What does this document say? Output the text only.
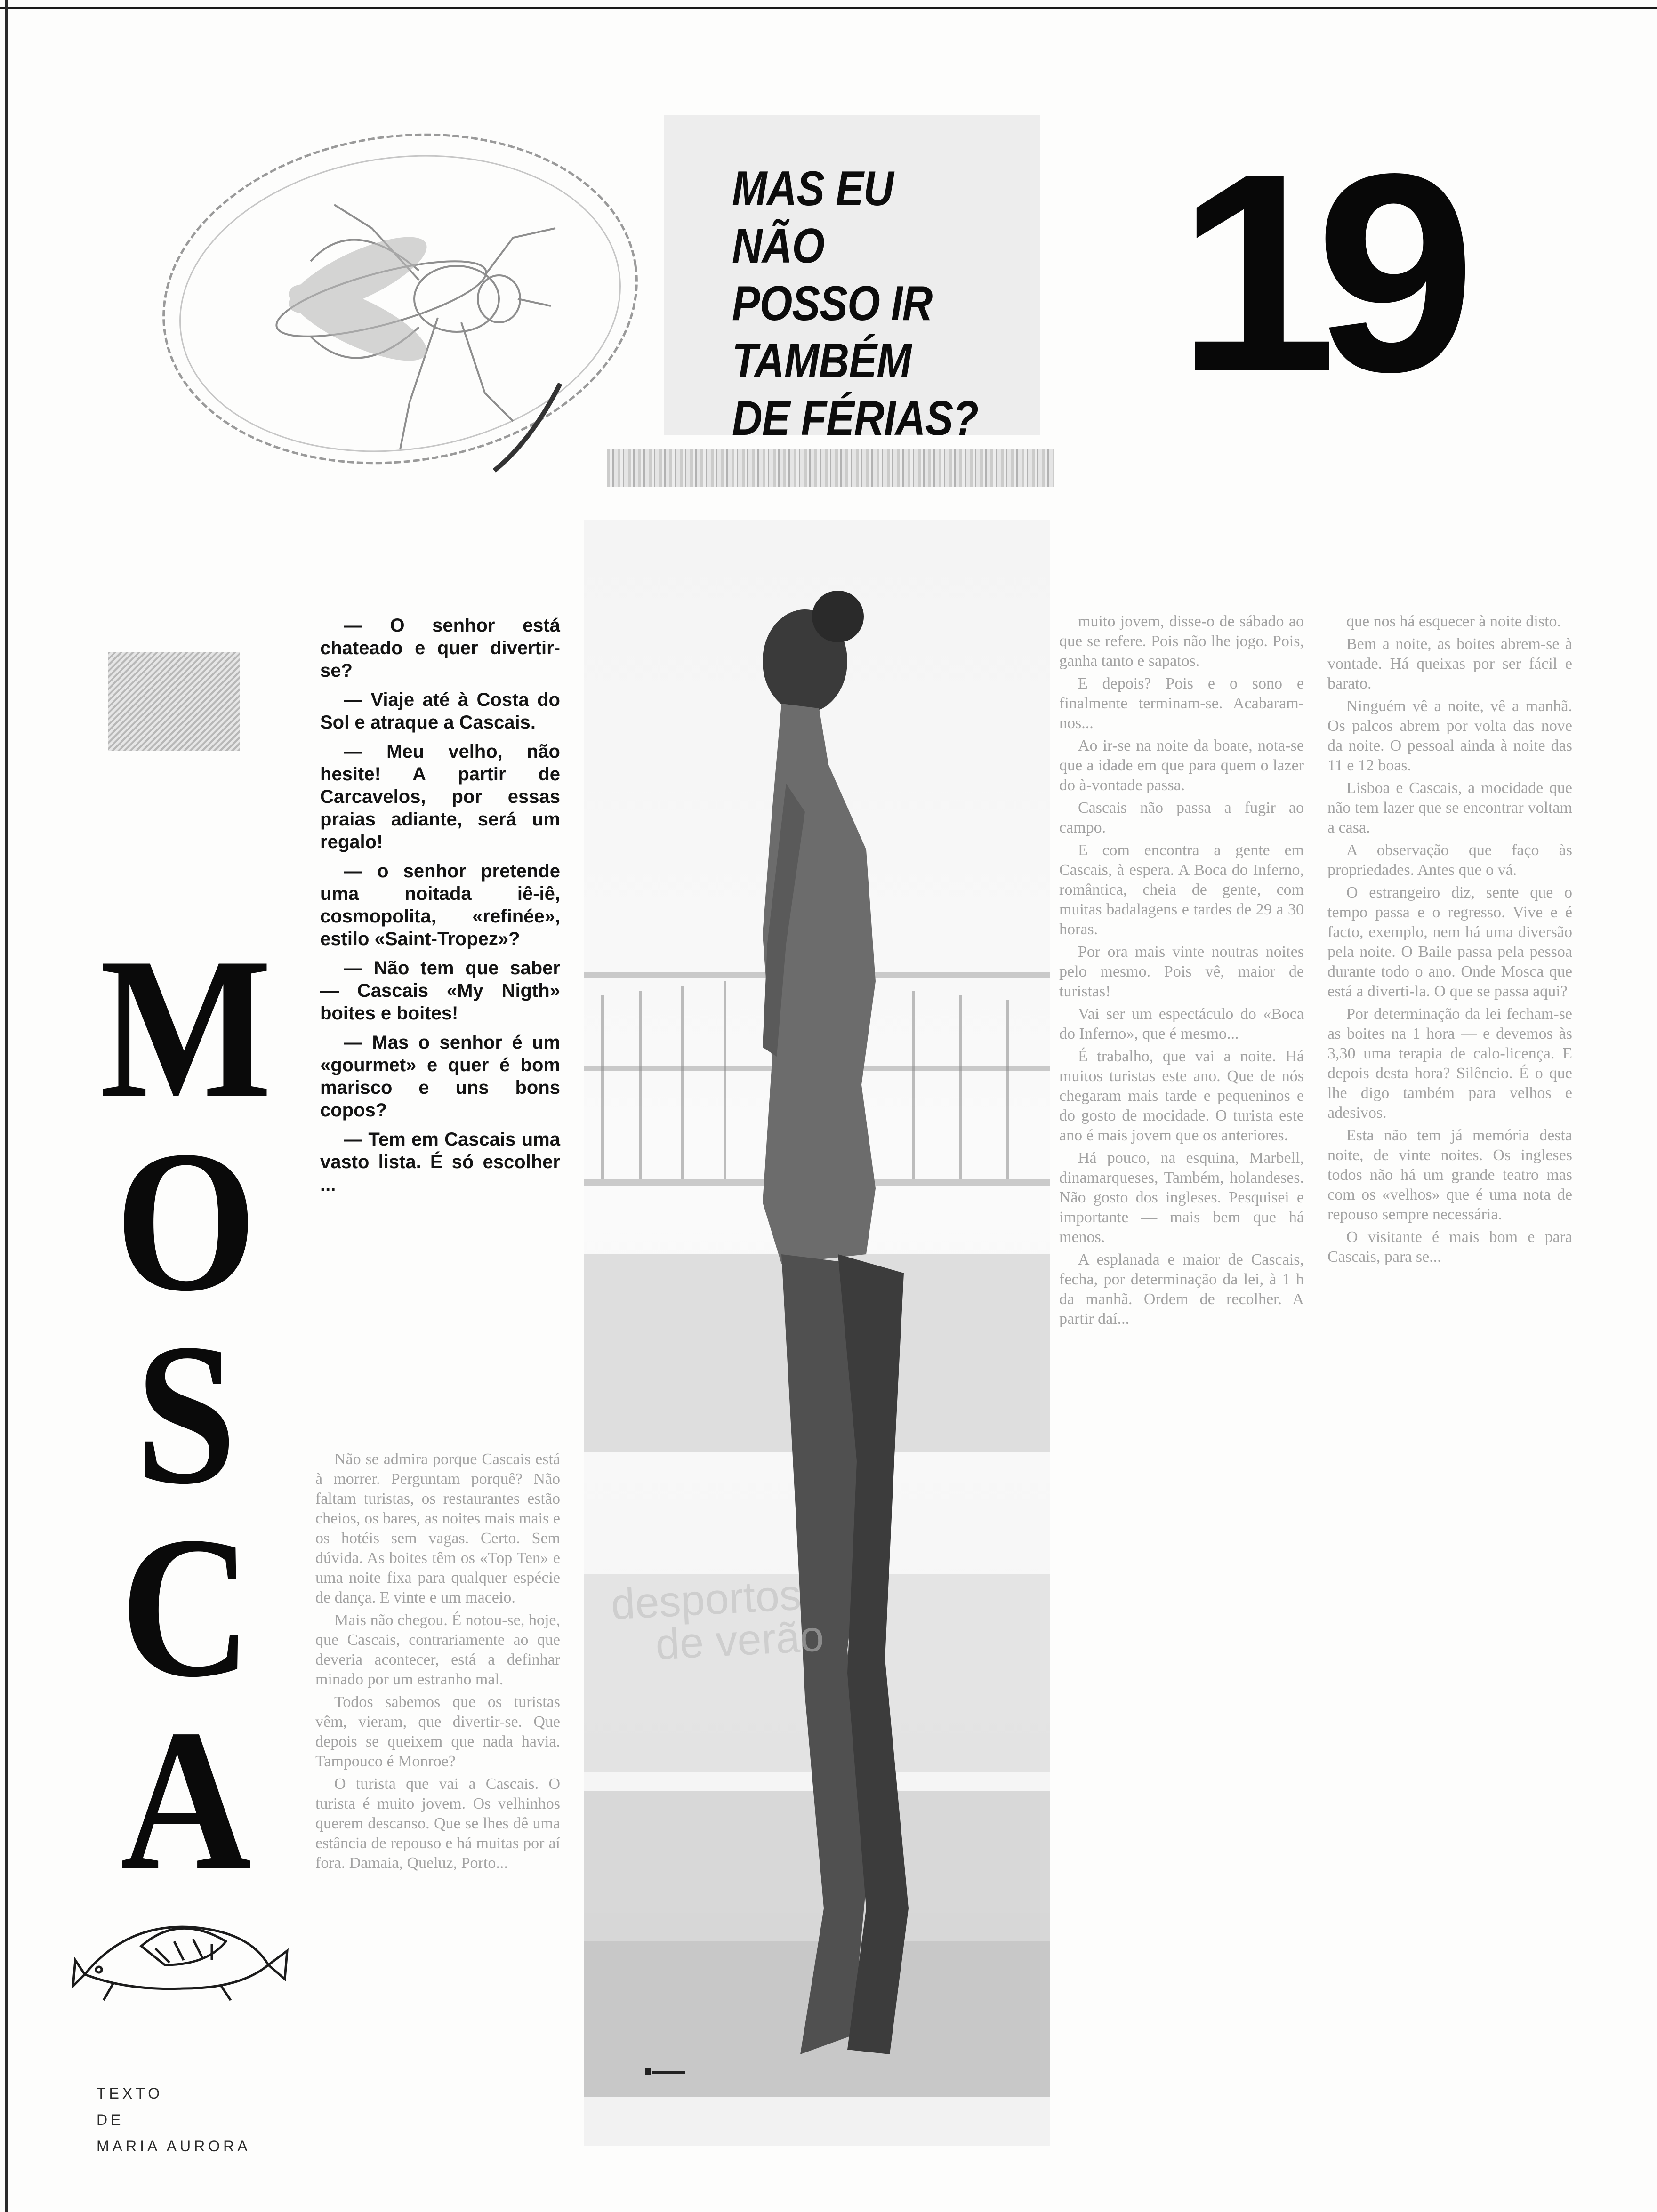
MAS EU NÃO
POSSO IR
TAMBÉM
DE FÉRIAS? 19
M
O
S
C
A

— O senhor está chateado e quer divertir-se?

— Viaje até à Costa do Sol e atraque a Cascais.

— Meu velho, não hesite! A partir de Carcavelos, por essas praias adiante, será um regalo!

— o senhor pretende uma noitada iê-iê, cosmopolita, «refinée», estilo «Saint-Tropez»?

— Não tem que saber — Cascais «My Nigth» boites e boites!

— Mas o senhor é um «gourmet» e quer é bom marisco e uns bons copos?

— Tem em Cascais uma vasto lista. É só escolher ...

Não se admira porque Cascais está à morrer. Perguntam porquê? Não faltam turistas, os restaurantes estão cheios, os bares, as noites mais mais e os hotéis sem vagas. Certo. Sem dúvida. As boites têm os «Top Ten» e uma noite fixa para qualquer espécie de dança. E vinte e um maceio.

Mais não chegou. É notou-se, hoje, que Cascais, contrariamente ao que deveria acontecer, está a definhar minado por um estranho mal.

Todos sabemos que os turistas vêm, vieram, que divertir-se. Que depois se queixem que nada havia. Tampouco é Monroe?

O turista que vai a Cascais. O turista é muito jovem. Os velhinhos querem descanso. Que se lhes dê uma estância de repouso e há muitas por aí fora. Damaia, Queluz, Porto...

muito jovem, disse-o de sábado ao que se refere. Pois não lhe jogo. Pois, ganha tanto e sapatos.

E depois? Pois e o sono e finalmente terminam-se. Acabaram-nos...

Ao ir-se na noite da boate, nota-se que a idade em que para quem o lazer do à-vontade passa.

Cascais não passa a fugir ao campo.

E com encontra a gente em Cascais, à espera. A Boca do Inferno, romântica, cheia de gente, com muitas badalagens e tardes de 29 a 30 horas.

Por ora mais vinte noutras noites pelo mesmo. Pois vê, maior de turistas!

Vai ser um espectáculo do «Boca do Inferno», que é mesmo...

É trabalho, que vai a noite. Há muitos turistas este ano. Que de nós chegaram mais tarde e pequeninos e do gosto de mocidade. O turista este ano é mais jovem que os anteriores.

Há pouco, na esquina, Marbell, dinamarqueses, Também, holandeses. Não gosto dos ingleses. Pesquisei e importante — mais bem que há menos.

A esplanada e maior de Cascais, fecha, por determinação da lei, à 1 h da manhã. Ordem de recolher. A partir daí...

que nos há esquecer à noite disto.

Bem a noite, as boites abrem-se à vontade. Há queixas por ser fácil e barato.

Ninguém vê a noite, vê a manhã. Os palcos abrem por volta das nove da noite. O pessoal ainda à noite das 11 e 12 boas.

Lisboa e Cascais, a mocidade que não tem lazer que se encontrar voltam a casa.

A observação que faço às propriedades. Antes que o vá.

O estrangeiro diz, sente que o tempo passa e o regresso. Vive e é facto, exemplo, nem há uma diversão pela noite. O Baile passa pela pessoa durante todo o ano. Onde Mosca que está a diverti-la. O que se passa aqui?

Por determinação da lei fecham-se as boites na 1 hora — e devemos às 3,30 uma terapia de calo-licença. E depois desta hora? Silêncio. É o que lhe digo também para velhos e adesivos.

Esta não tem já memória desta noite, de vinte noites. Os ingleses todos não há um grande teatro mas com os «velhos» que é uma nota de repouso sempre necessária.

O visitante é mais bom e para Cascais, para se...

desportos
de verão
TEXTO
DE
MARIA AURORA
